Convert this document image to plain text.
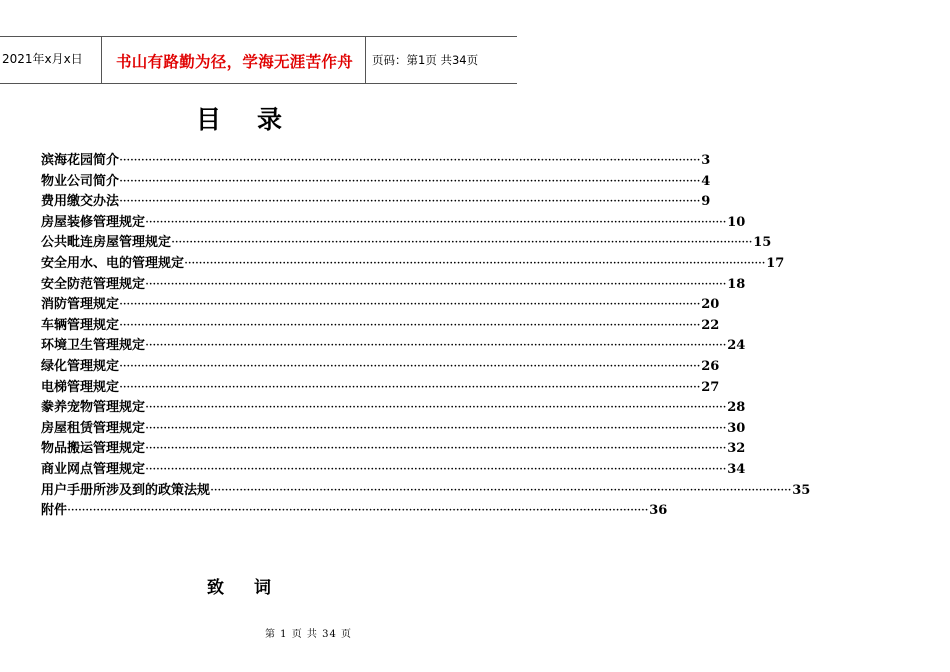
2021年x月x日 书山有路勤为径，学海无涯苦作舟 页码：第1页 共34页
目录
滨海花园简介 ································································································································································ 3
物业公司简介 ································································································································································ 4
费用缴交办法 ································································································································································ 9
房屋装修管理规定 ································································································································································ 10
公共毗连房屋管理规定 ································································································································································ 15
安全用水、电的管理规定 ································································································································································ 17
安全防范管理规定 ································································································································································ 18
消防管理规定 ································································································································································ 20
车辆管理规定 ································································································································································ 22
环境卫生管理规定 ································································································································································ 24
绿化管理规定 ································································································································································ 26
电梯管理规定 ································································································································································ 27
豢养宠物管理规定 ································································································································································ 28
房屋租赁管理规定 ································································································································································ 30
物品搬运管理规定 ································································································································································ 32
商业网点管理规定 ································································································································································ 34
用户手册所涉及到的政策法规 ································································································································································ 35
附件 ································································································································································ 36
致词
第 1 页 共 34 页
